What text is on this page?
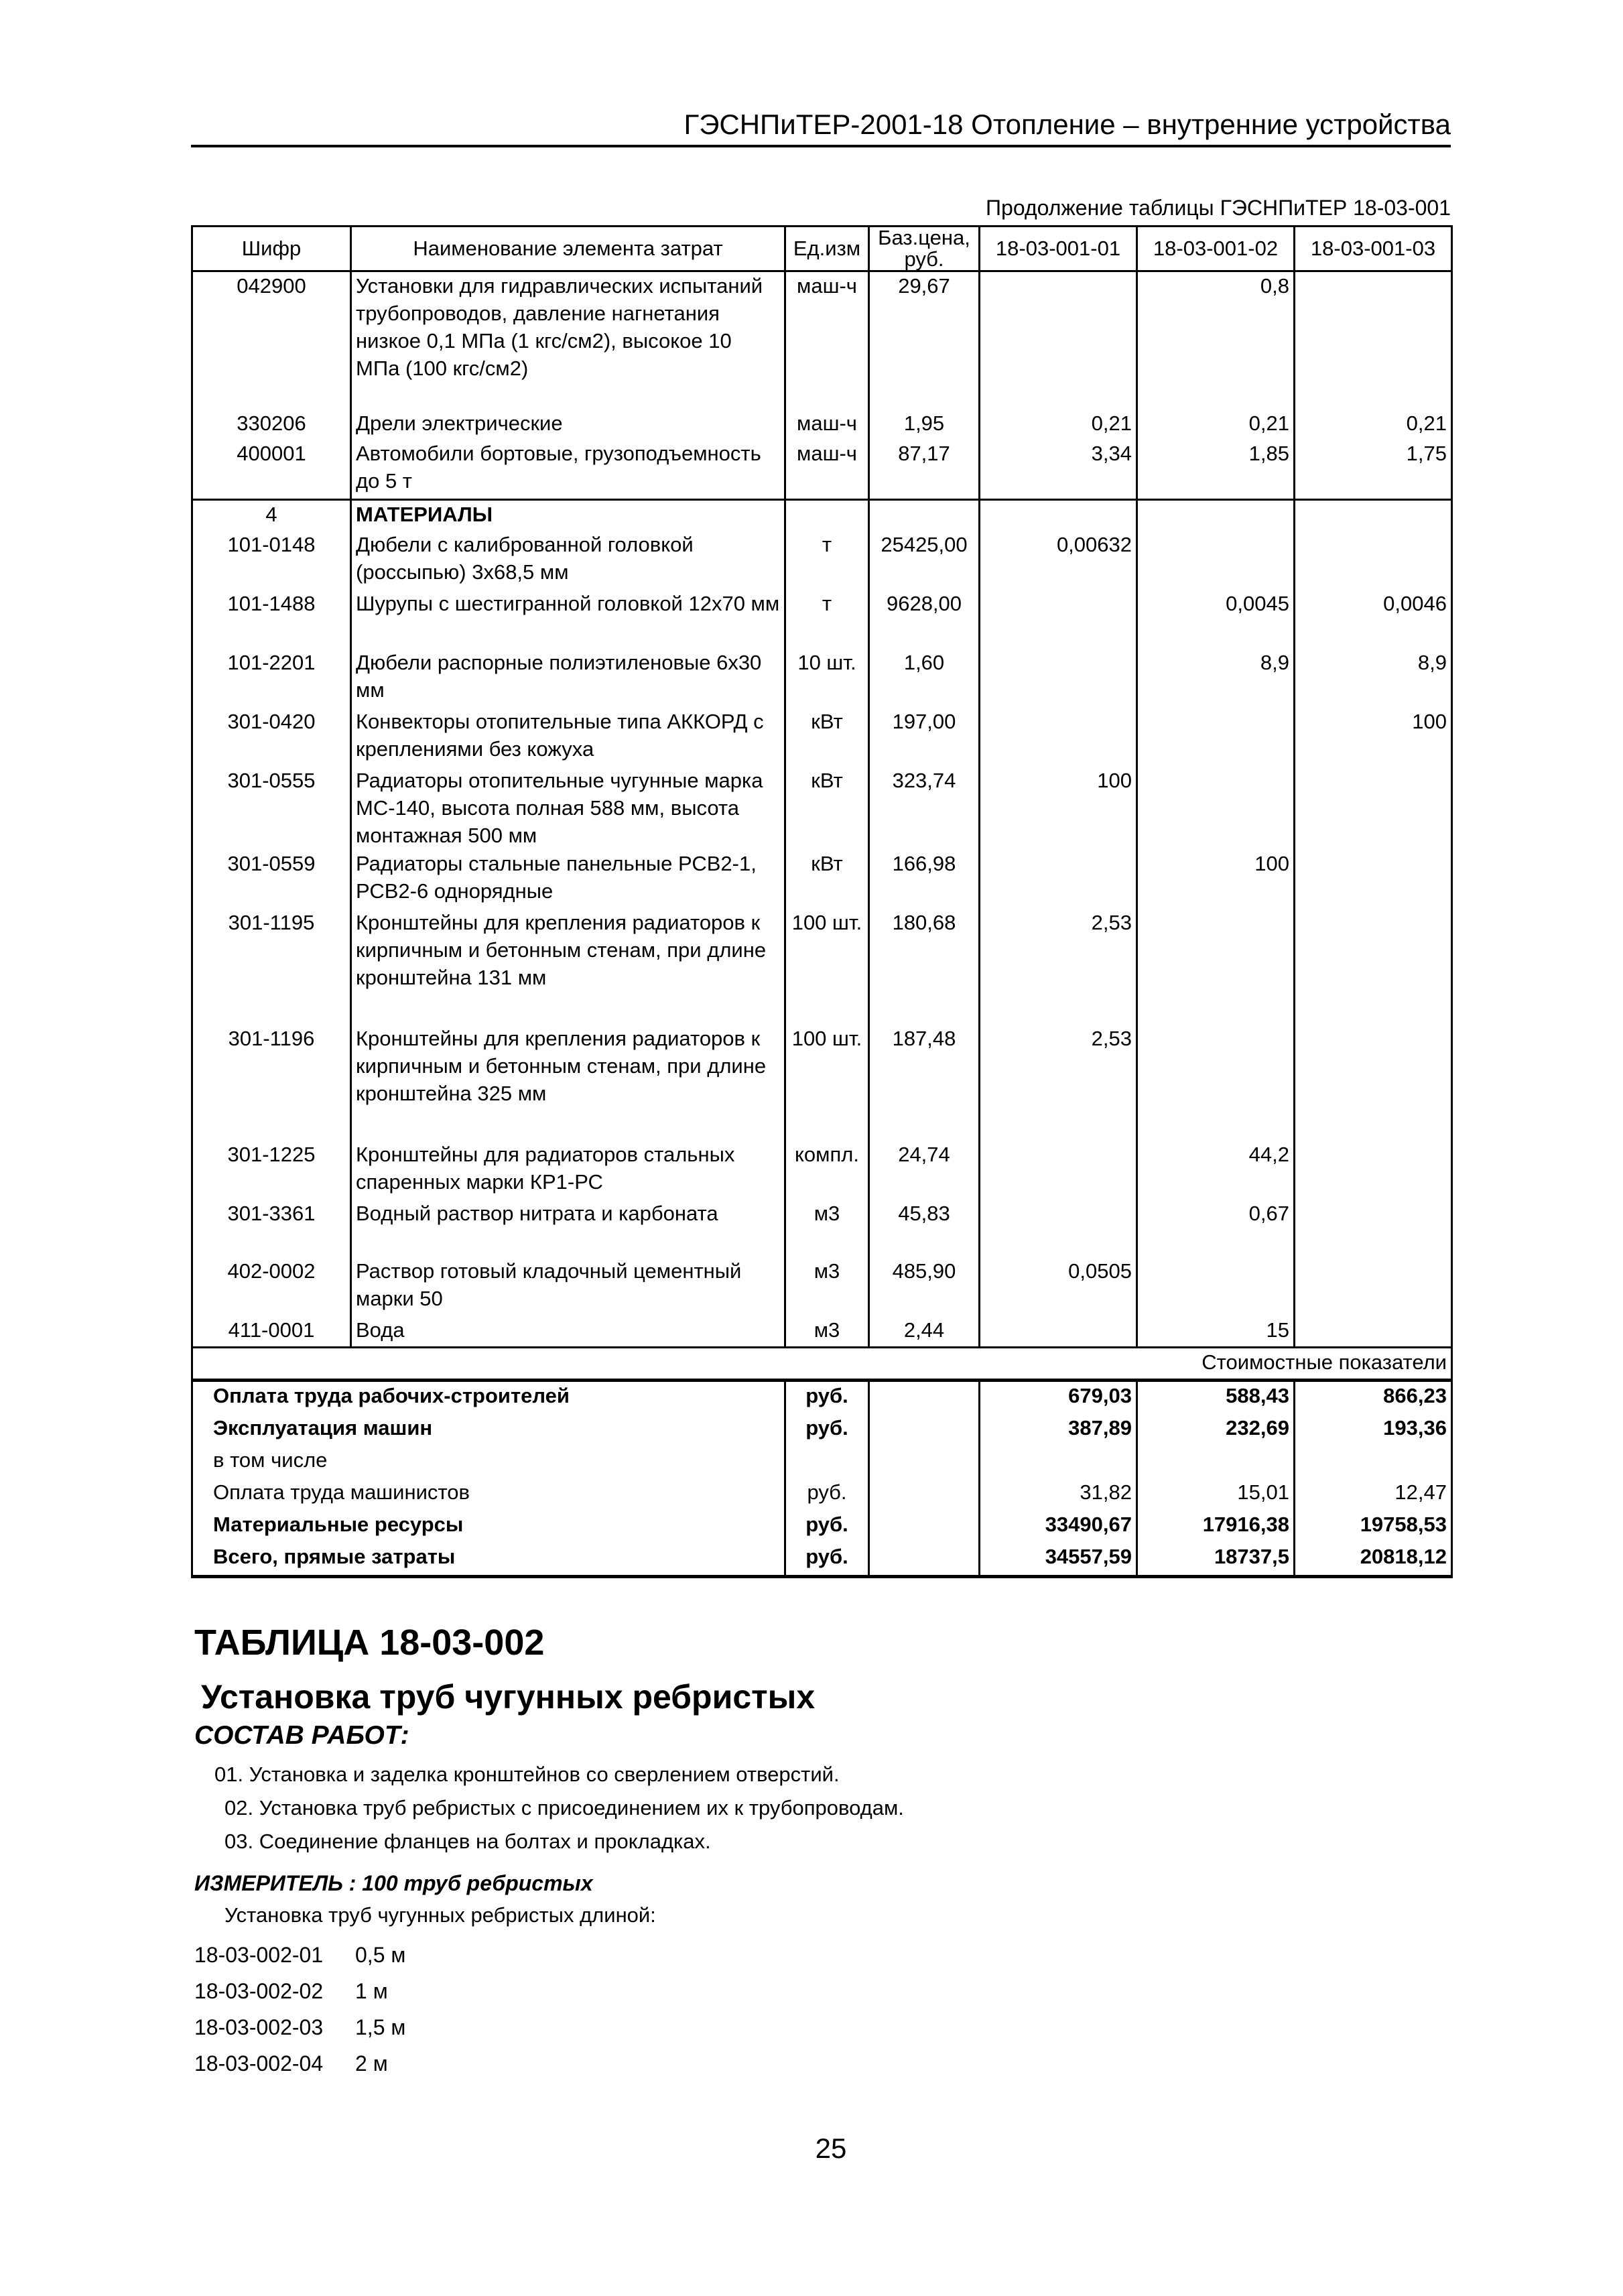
ГЭСНПиТЕР-2001-18 Отопление – внутренние устройства
Продолжение таблицы ГЭСНПиТЕР 18-03-001
Шифр	Наименование элемента затрат	Ед.изм	Баз.цена, руб.	18-03-001-01	18-03-001-02	18-03-001-03
042900	Установки для гидравлических испытаний трубопроводов, давление нагнетания низкое 0,1 МПа (1 кгс/см2), высокое 10 МПа (100 кгс/см2)	маш-ч	29,67		0,8	
330206	Дрели электрические	маш-ч	1,95	0,21	0,21	0,21
400001	Автомобили бортовые, грузоподъемность до 5 т	маш-ч	87,17	3,34	1,85	1,75
4	МАТЕРИАЛЫ					
101-0148	Дюбели с калиброванной головкой (россыпью) 3х68,5 мм	т	25425,00	0,00632		
101-1488	Шурупы с шестигранной головкой 12х70 мм	т	9628,00		0,0045	0,0046
101-2201	Дюбели распорные полиэтиленовые 6х30 мм	10 шт.	1,60		8,9	8,9
301-0420	Конвекторы отопительные типа АККОРД с креплениями без кожуха	кВт	197,00			100
301-0555	Радиаторы отопительные чугунные марка МС-140, высота полная 588 мм, высота монтажная 500 мм	кВт	323,74	100		
301-0559	Радиаторы стальные панельные РСВ2-1, РСВ2-6 однорядные	кВт	166,98		100	
301-1195	Кронштейны для крепления радиаторов к кирпичным и бетонным стенам, при длине кронштейна 131 мм	100 шт.	180,68	2,53		
301-1196	Кронштейны для крепления радиаторов к кирпичным и бетонным стенам, при длине кронштейна 325 мм	100 шт.	187,48	2,53		
301-1225	Кронштейны для радиаторов стальных спаренных марки КР1-РС	компл.	24,74		44,2	
301-3361	Водный раствор нитрата и карбоната	м3	45,83		0,67	
402-0002	Раствор готовый кладочный цементный марки 50	м3	485,90	0,0505		
411-0001	Вода	м3	2,44		15	
Стоимостные показатели						
Оплата труда рабочих-строителей		руб.		679,03	588,43	866,23
Эксплуатация машин		руб.		387,89	232,69	193,36
в том числе						
Оплата труда машинистов		руб.		31,82	15,01	12,47
Материальные ресурсы		руб.		33490,67	17916,38	19758,53
Всего, прямые затраты		руб.		34557,59	18737,5	20818,12
ТАБЛИЦА 18-03-002
Установка труб чугунных ребристых
СОСТАВ РАБОТ:
01. Установка и заделка кронштейнов со сверлением отверстий.
02. Установка труб ребристых с присоединением их к трубопроводам.
03. Соединение фланцев на болтах и прокладках.
ИЗМЕРИТЕЛЬ : 100 труб ребристых
Установка труб чугунных ребристых длиной:
18-03-002-01	0,5 м
18-03-002-02	1 м
18-03-002-03	1,5 м
18-03-002-04	2 м
25
